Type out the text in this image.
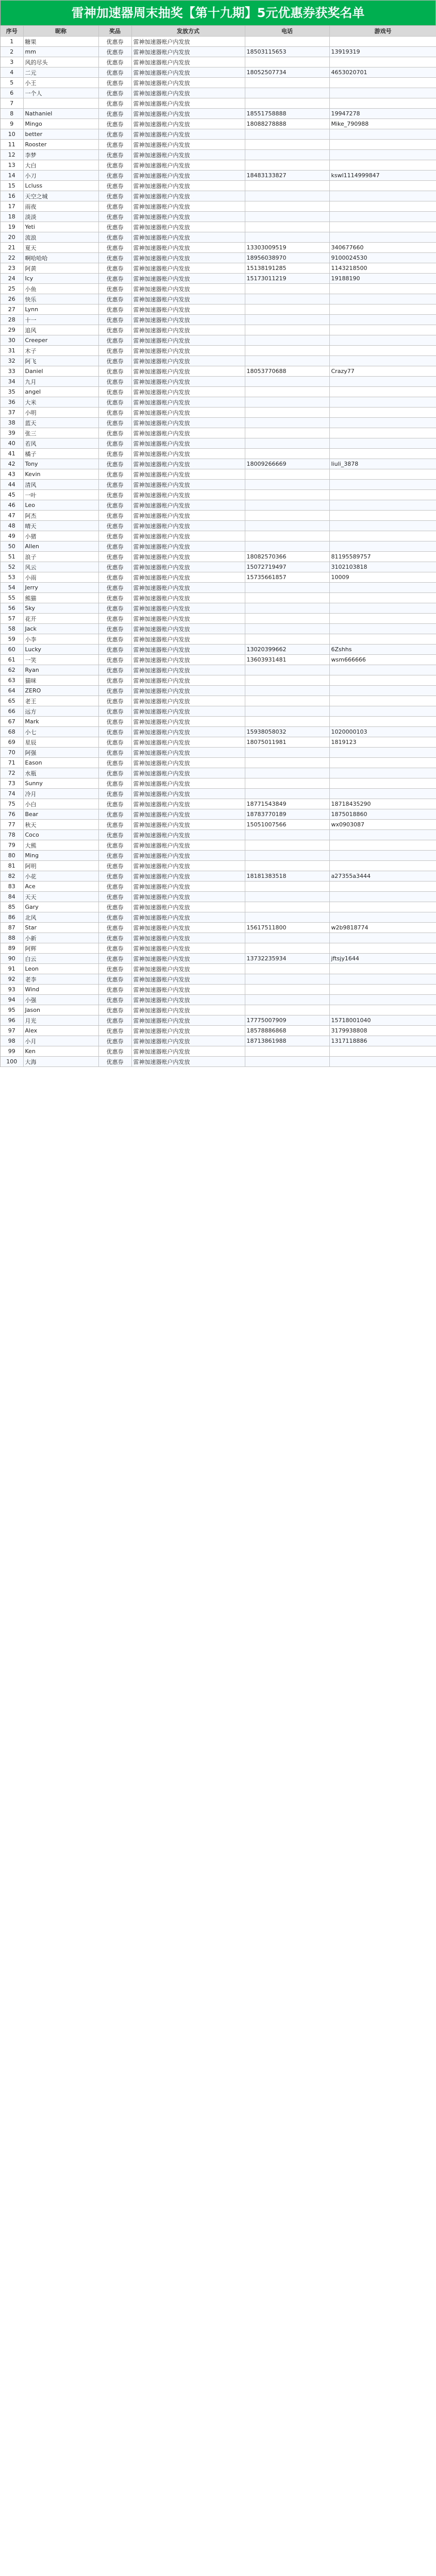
雷神加速器周末抽奖【第十九期】5元优惠券获奖名单
序号	昵称	奖品	发放方式	电话	游戏号
1	糖果	优惠券	雷神加速器账户内发放		
2	mm	优惠券	雷神加速器账户内发放	18503115653	13919319
3	风的尽头	优惠券	雷神加速器账户内发放		
4	二元	优惠券	雷神加速器账户内发放	18052507734	4653020701
5	小王	优惠券	雷神加速器账户内发放		
6	一个人	优惠券	雷神加速器账户内发放		
7		优惠券	雷神加速器账户内发放		
8	Nathaniel	优惠券	雷神加速器账户内发放	18551758888	19947278
9	Mingo	优惠券	雷神加速器账户内发放	18088278888	Mike_790988
10	better	优惠券	雷神加速器账户内发放		
11	Rooster	优惠券	雷神加速器账户内发放		
12	李梦	优惠券	雷神加速器账户内发放		
13	大白	优惠券	雷神加速器账户内发放		
14	小刀	优惠券	雷神加速器账户内发放	18483133827	kswl1114999847
15	Lcluss	优惠券	雷神加速器账户内发放		
16	天空之城	优惠券	雷神加速器账户内发放		
17	雨夜	优惠券	雷神加速器账户内发放		
18	淡淡	优惠券	雷神加速器账户内发放		
19	Yeti	优惠券	雷神加速器账户内发放		
20	流浪	优惠券	雷神加速器账户内发放		
21	夏天	优惠券	雷神加速器账户内发放	13303009519	340677660
22	啊哈哈哈	优惠券	雷神加速器账户内发放	18956038970	9100024530
23	阿黄	优惠券	雷神加速器账户内发放	15138191285	1143218500
24	Icy	优惠券	雷神加速器账户内发放	15173011219	19188190
25	小鱼	优惠券	雷神加速器账户内发放		
26	快乐	优惠券	雷神加速器账户内发放		
27	Lynn	优惠券	雷神加速器账户内发放		
28	十一	优惠券	雷神加速器账户内发放		
29	追风	优惠券	雷神加速器账户内发放		
30	Creeper	优惠券	雷神加速器账户内发放		
31	木子	优惠券	雷神加速器账户内发放		
32	阿飞	优惠券	雷神加速器账户内发放		
33	Daniel	优惠券	雷神加速器账户内发放	18053770688	Crazy77
34	九月	优惠券	雷神加速器账户内发放		
35	angel	优惠券	雷神加速器账户内发放		
36	大米	优惠券	雷神加速器账户内发放		
37	小明	优惠券	雷神加速器账户内发放		
38	蓝天	优惠券	雷神加速器账户内发放		
39	张三	优惠券	雷神加速器账户内发放		
40	若风	优惠券	雷神加速器账户内发放		
41	橘子	优惠券	雷神加速器账户内发放		
42	Tony	优惠券	雷神加速器账户内发放	18009266669	liuli_3878
43	Kevin	优惠券	雷神加速器账户内发放		
44	清风	优惠券	雷神加速器账户内发放		
45	一叶	优惠券	雷神加速器账户内发放		
46	Leo	优惠券	雷神加速器账户内发放		
47	阿杰	优惠券	雷神加速器账户内发放		
48	晴天	优惠券	雷神加速器账户内发放		
49	小猪	优惠券	雷神加速器账户内发放		
50	Allen	优惠券	雷神加速器账户内发放		
51	浪子	优惠券	雷神加速器账户内发放	18082570366	81195589757
52	风云	优惠券	雷神加速器账户内发放	15072719497	3102103818
53	小雨	优惠券	雷神加速器账户内发放	15735661857	10009
54	Jerry	优惠券	雷神加速器账户内发放		
55	熊猫	优惠券	雷神加速器账户内发放		
56	Sky	优惠券	雷神加速器账户内发放		
57	花开	优惠券	雷神加速器账户内发放		
58	Jack	优惠券	雷神加速器账户内发放		
59	小李	优惠券	雷神加速器账户内发放		
60	Lucky	优惠券	雷神加速器账户内发放	13020399662	6Zshhs
61	一笑	优惠券	雷神加速器账户内发放	13603931481	wsm666666
62	Ryan	优惠券	雷神加速器账户内发放		
63	猫咪	优惠券	雷神加速器账户内发放		
64	ZERO	优惠券	雷神加速器账户内发放		
65	老王	优惠券	雷神加速器账户内发放		
66	远方	优惠券	雷神加速器账户内发放		
67	Mark	优惠券	雷神加速器账户内发放		
68	小七	优惠券	雷神加速器账户内发放	15938058032	1020000103
69	星辰	优惠券	雷神加速器账户内发放	18075011981	1819123
70	阿强	优惠券	雷神加速器账户内发放		
71	Eason	优惠券	雷神加速器账户内发放		
72	水瓶	优惠券	雷神加速器账户内发放		
73	Sunny	优惠券	雷神加速器账户内发放		
74	冷月	优惠券	雷神加速器账户内发放		
75	小白	优惠券	雷神加速器账户内发放	18771543849	18718435290
76	Bear	优惠券	雷神加速器账户内发放	18783770189	1875018860
77	秋天	优惠券	雷神加速器账户内发放	15051007566	wx0903087
78	Coco	优惠券	雷神加速器账户内发放		
79	大熊	优惠券	雷神加速器账户内发放		
80	Ming	优惠券	雷神加速器账户内发放		
81	阿明	优惠券	雷神加速器账户内发放		
82	小花	优惠券	雷神加速器账户内发放	18181383518	a27355a3444
83	Ace	优惠券	雷神加速器账户内发放		
84	天天	优惠券	雷神加速器账户内发放		
85	Gary	优惠券	雷神加速器账户内发放		
86	北风	优惠券	雷神加速器账户内发放		
87	Star	优惠券	雷神加速器账户内发放	15617511800	w2b9818774
88	小新	优惠券	雷神加速器账户内发放		
89	阿辉	优惠券	雷神加速器账户内发放		
90	白云	优惠券	雷神加速器账户内发放	13732235934	jftsjy1644
91	Leon	优惠券	雷神加速器账户内发放		
92	老李	优惠券	雷神加速器账户内发放		
93	Wind	优惠券	雷神加速器账户内发放		
94	小强	优惠券	雷神加速器账户内发放		
95	Jason	优惠券	雷神加速器账户内发放		
96	月光	优惠券	雷神加速器账户内发放	17775007909	15718001040
97	Alex	优惠券	雷神加速器账户内发放	18578886868	3179938808
98	小月	优惠券	雷神加速器账户内发放	18713861988	1317118886
99	Ken	优惠券	雷神加速器账户内发放		
100	大海	优惠券	雷神加速器账户内发放		
